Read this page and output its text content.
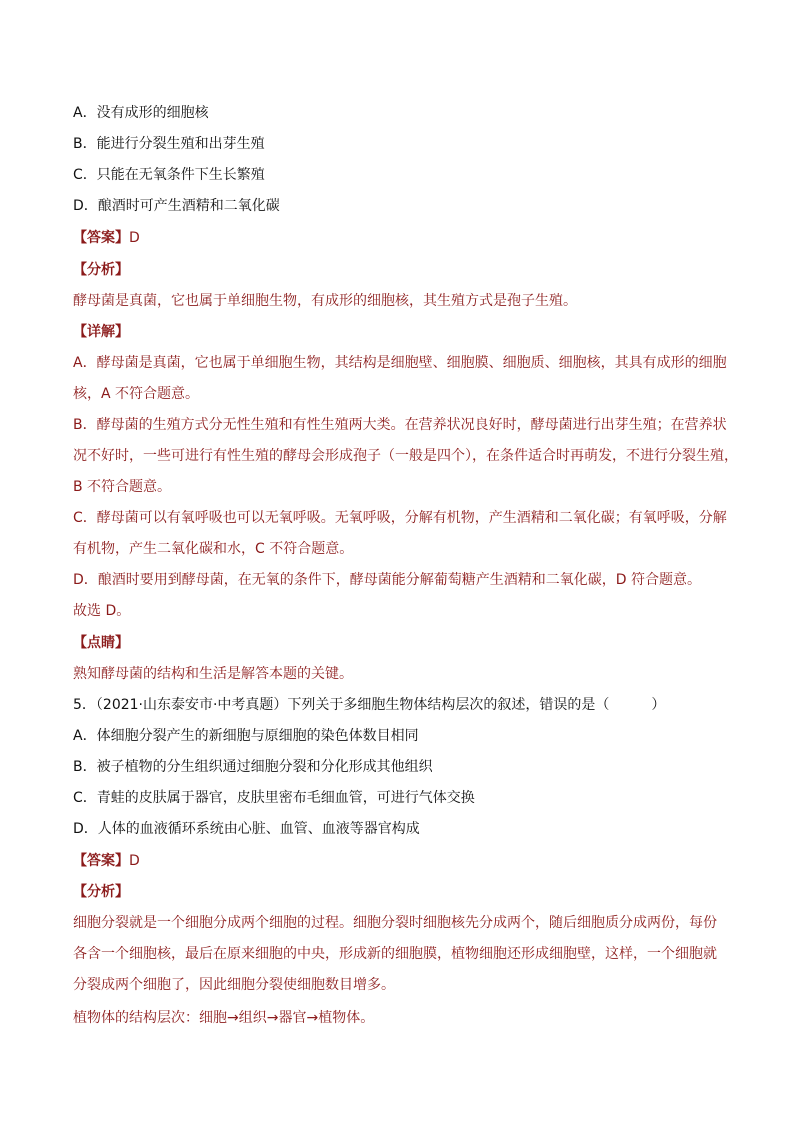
A．没有成形的细胞核
B．能进行分裂生殖和出芽生殖
C．只能在无氧条件下生长繁殖
D．酿酒时可产生酒精和二氧化碳
【答案】D
【分析】
酵母菌是真菌，它也属于单细胞生物，有成形的细胞核，其生殖方式是孢子生殖。
【详解】
A．酵母菌是真菌，它也属于单细胞生物，其结构是细胞壁、细胞膜、细胞质、细胞核，其具有成形的细胞
核，A 不符合题意。
B．酵母菌的生殖方式分无性生殖和有性生殖两大类。在营养状况良好时，酵母菌进行出芽生殖；在营养状
况不好时，一些可进行有性生殖的酵母会形成孢子（一般是四个），在条件适合时再萌发，不进行分裂生殖，
B 不符合题意。
C．酵母菌可以有氧呼吸也可以无氧呼吸。无氧呼吸，分解有机物，产生酒精和二氧化碳；有氧呼吸，分解
有机物，产生二氧化碳和水，C 不符合题意。
D．酿酒时要用到酵母菌，在无氧的条件下，酵母菌能分解葡萄糖产生酒精和二氧化碳，D 符合题意。
故选 D。
【点睛】
熟知酵母菌的结构和生活是解答本题的关键。
5．（2021·山东泰安市·中考真题）下列关于多细胞生物体结构层次的叙述，错误的是（　　　）
A．体细胞分裂产生的新细胞与原细胞的染色体数目相同
B．被子植物的分生组织通过细胞分裂和分化形成其他组织
C．青蛙的皮肤属于器官，皮肤里密布毛细血管，可进行气体交换
D．人体的血液循环系统由心脏、血管、血液等器官构成
【答案】D
【分析】
细胞分裂就是一个细胞分成两个细胞的过程。细胞分裂时细胞核先分成两个，随后细胞质分成两份，每份
各含一个细胞核，最后在原来细胞的中央，形成新的细胞膜，植物细胞还形成细胞壁，这样，一个细胞就
分裂成两个细胞了，因此细胞分裂使细胞数目增多。
植物体的结构层次：细胞→组织→器官→植物体。
